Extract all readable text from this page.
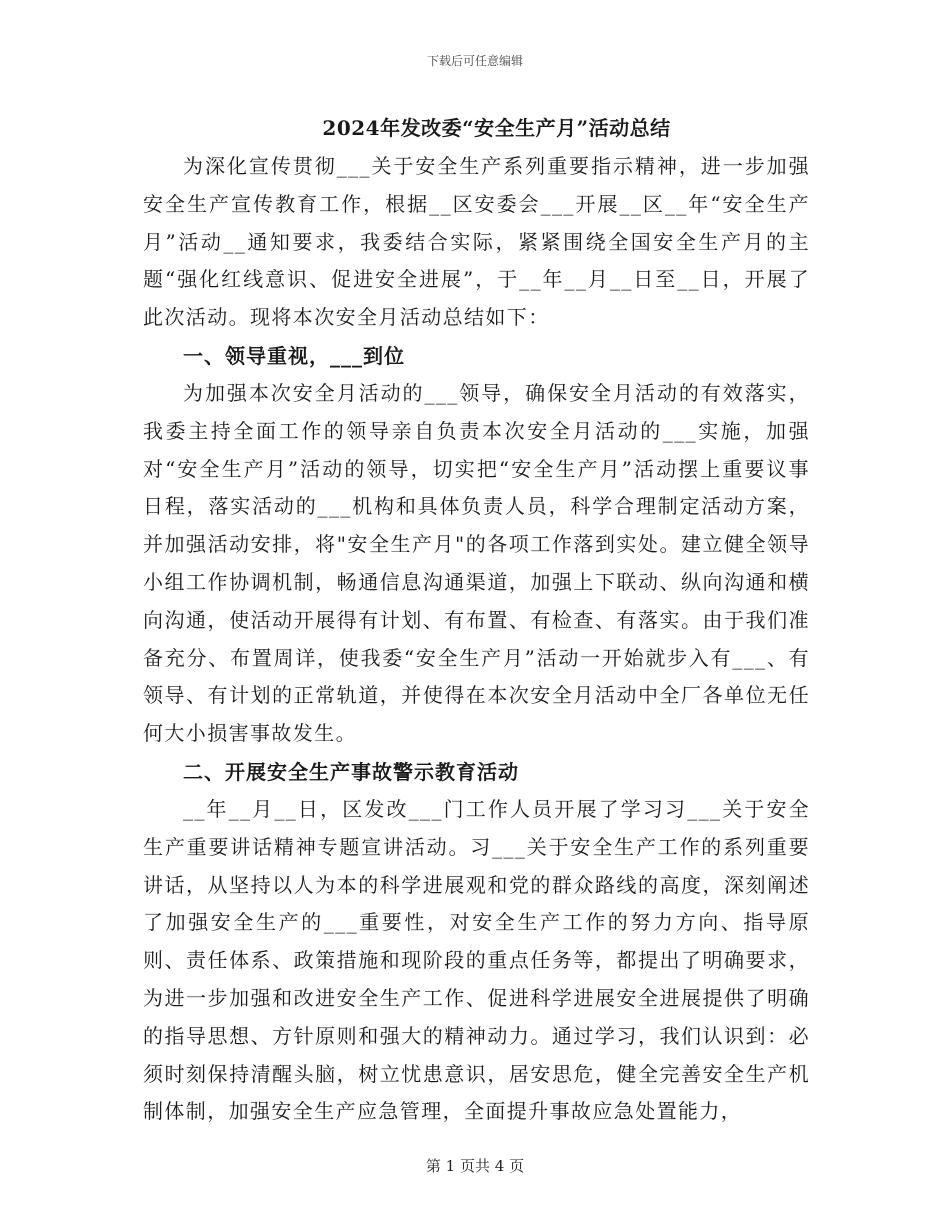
下载后可任意编辑
2024年发改委“安全生产月”活动总结

为深化宣传贯彻___关于安全生产系列重要指示精神，进一步加强安全生产宣传教育工作，根据__区安委会___开展__区__年“安全生产月”活动__通知要求，我委结合实际，紧紧围绕全国安全生产月的主题“强化红线意识、促进安全进展”，于__年__月__日至__日，开展了此次活动。现将本次安全月活动总结如下：

一、领导重视，___到位

为加强本次安全月活动的___领导，确保安全月活动的有效落实，我委主持全面工作的领导亲自负责本次安全月活动的___实施，加强对“安全生产月”活动的领导，切实把“安全生产月”活动摆上重要议事日程，落实活动的___机构和具体负责人员，科学合理制定活动方案，并加强活动安排，将"安全生产月"的各项工作落到实处。建立健全领导小组工作协调机制，畅通信息沟通渠道，加强上下联动、纵向沟通和横向沟通，使活动开展得有计划、有布置、有检查、有落实。由于我们准备充分、布置周详，使我委“安全生产月”活动一开始就步入有___、有领导、有计划的正常轨道，并使得在本次安全月活动中全厂各单位无任何大小损害事故发生。

二、开展安全生产事故警示教育活动

__年__月__日，区发改___门工作人员开展了学习习___关于安全生产重要讲话精神专题宣讲活动。习___关于安全生产工作的系列重要讲话，从坚持以人为本的科学进展观和党的群众路线的高度，深刻阐述了加强安全生产的___重要性，对安全生产工作的努力方向、指导原则、责任体系、政策措施和现阶段的重点任务等，都提出了明确要求，为进一步加强和改进安全生产工作、促进科学进展安全进展提供了明确的指导思想、方针原则和强大的精神动力。通过学习，我们认识到：必须时刻保持清醒头脑，树立忧患意识，居安思危，健全完善安全生产机制体制，加强安全生产应急管理，全面提升事故应急处置能力，

第 1 页共 4 页
